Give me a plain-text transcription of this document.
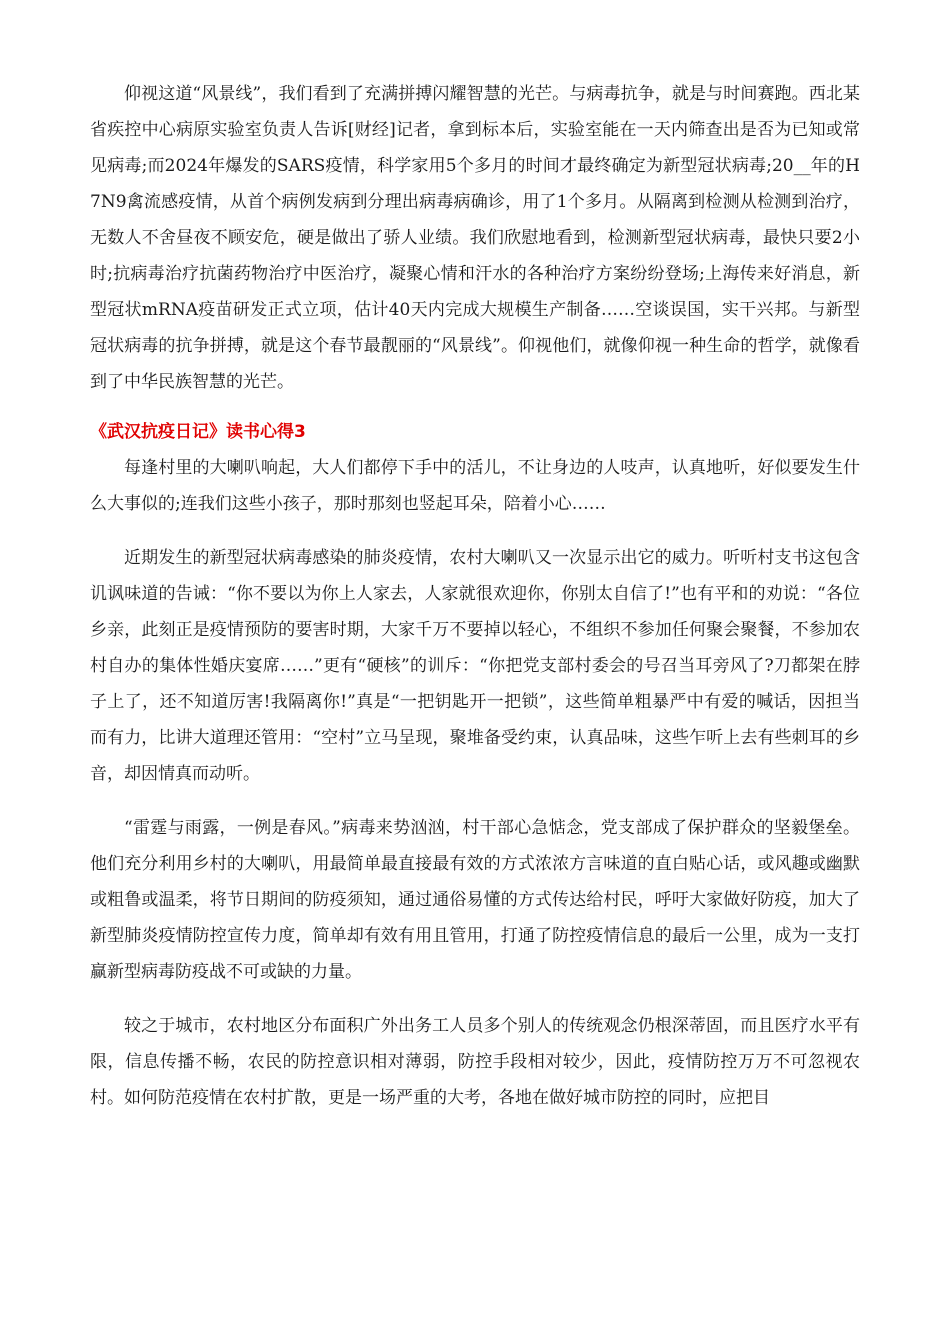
仰视这道“风景线”，我们看到了充满拼搏闪耀智慧的光芒。与病毒抗争，就是与时间赛跑。西北某省疾控中心病原实验室负责人告诉[财经]记者，拿到标本后，实验室能在一天内筛查出是否为已知或常见病毒;而2024年爆发的SARS疫情，科学家用5个多月的时间才最终确定为新型冠状病毒;20__年的H7N9禽流感疫情，从首个病例发病到分理出病毒病确诊，用了1个多月。从隔离到检测从检测到治疗，无数人不舍昼夜不顾安危，硬是做出了骄人业绩。我们欣慰地看到，检测新型冠状病毒，最快只要2小时;抗病毒治疗抗菌药物治疗中医治疗，凝聚心情和汗水的各种治疗方案纷纷登场;上海传来好消息，新型冠状mRNA疫苗研发正式立项，估计40天内完成大规模生产制备……空谈误国，实干兴邦。与新型冠状病毒的抗争拼搏，就是这个春节最靓丽的“风景线”。仰视他们，就像仰视一种生命的哲学，就像看到了中华民族智慧的光芒。

《武汉抗疫日记》读书心得3

每逢村里的大喇叭响起，大人们都停下手中的活儿，不让身边的人吱声，认真地听，好似要发生什么大事似的;连我们这些小孩子，那时那刻也竖起耳朵，陪着小心……

近期发生的新型冠状病毒感染的肺炎疫情，农村大喇叭又一次显示出它的威力。听听村支书这包含讥讽味道的告诫：“你不要以为你上人家去，人家就很欢迎你，你别太自信了!”也有平和的劝说：“各位乡亲，此刻正是疫情预防的要害时期，大家千万不要掉以轻心，不组织不参加任何聚会聚餐，不参加农村自办的集体性婚庆宴席……”更有“硬核”的训斥：“你把党支部村委会的号召当耳旁风了?刀都架在脖子上了，还不知道厉害!我隔离你!”真是“一把钥匙开一把锁”，这些简单粗暴严中有爱的喊话，因担当而有力，比讲大道理还管用：“空村”立马呈现，聚堆备受约束，认真品味，这些乍听上去有些刺耳的乡音，却因情真而动听。

“雷霆与雨露，一例是春风。”病毒来势汹汹，村干部心急惦念，党支部成了保护群众的坚毅堡垒。他们充分利用乡村的大喇叭，用最简单最直接最有效的方式浓浓方言味道的直白贴心话，或风趣或幽默或粗鲁或温柔，将节日期间的防疫须知，通过通俗易懂的方式传达给村民，呼吁大家做好防疫，加大了新型肺炎疫情防控宣传力度，简单却有效有用且管用，打通了防控疫情信息的最后一公里，成为一支打赢新型病毒防疫战不可或缺的力量。

较之于城市，农村地区分布面积广外出务工人员多个别人的传统观念仍根深蒂固，而且医疗水平有限，信息传播不畅，农民的防控意识相对薄弱，防控手段相对较少，因此，疫情防控万万不可忽视农村。如何防范疫情在农村扩散，更是一场严重的大考，各地在做好城市防控的同时，应把目
